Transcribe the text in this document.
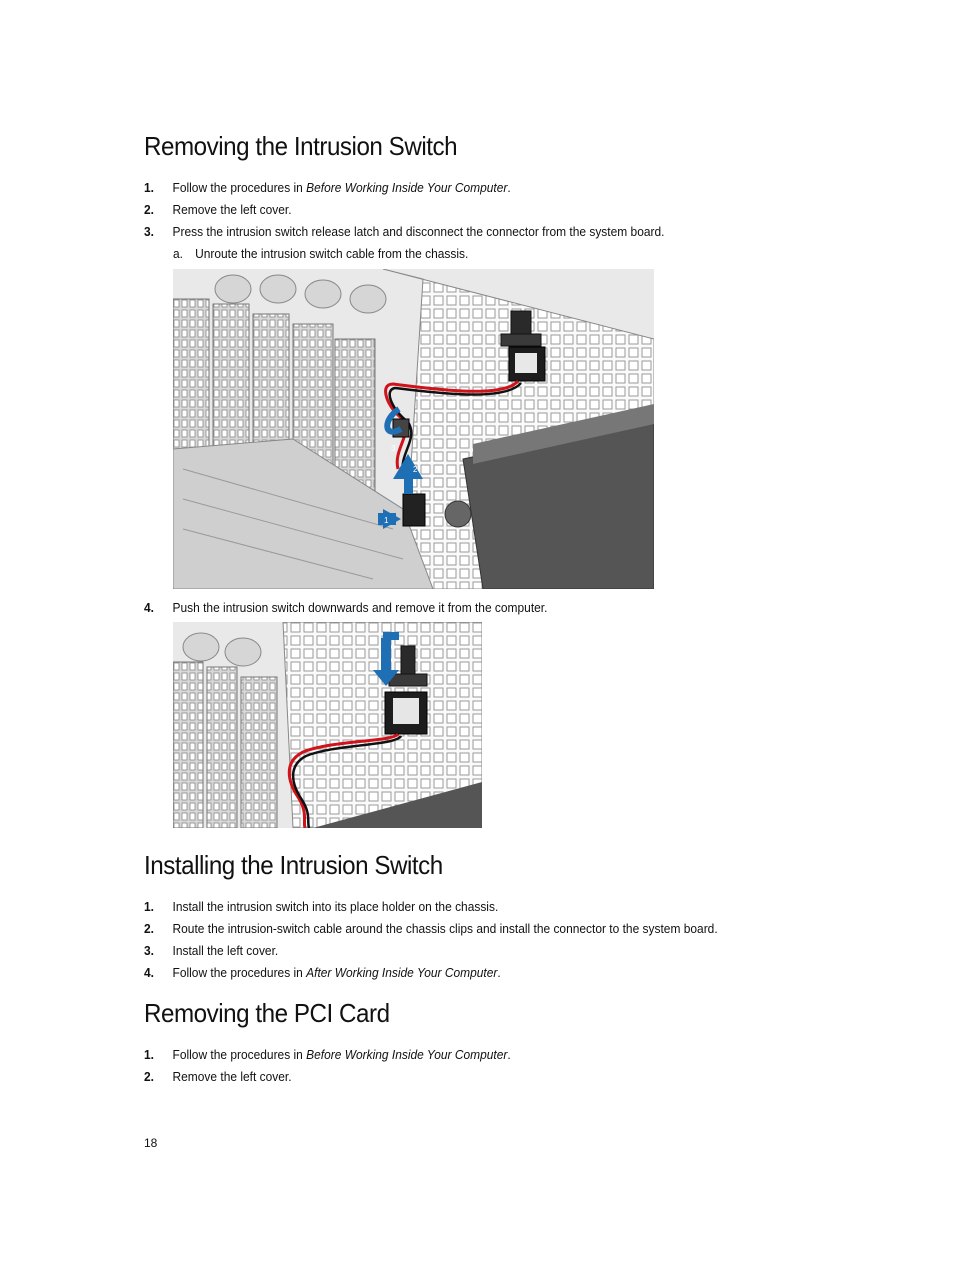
Removing the Intrusion Switch
1. Follow the procedures in Before Working Inside Your Computer.
2. Remove the left cover.
3. Press the intrusion switch release latch and disconnect the connector from the system board.
a. Unroute the intrusion switch cable from the chassis.
3
2
1
4. Push the intrusion switch downwards and remove it from the computer.
Installing the Intrusion Switch
1. Install the intrusion switch into its place holder on the chassis.
2. Route the intrusion-switch cable around the chassis clips and install the connector to the system board.
3. Install the left cover.
4. Follow the procedures in After Working Inside Your Computer.
Removing the PCI Card
1. Follow the procedures in Before Working Inside Your Computer.
2. Remove the left cover.
18
